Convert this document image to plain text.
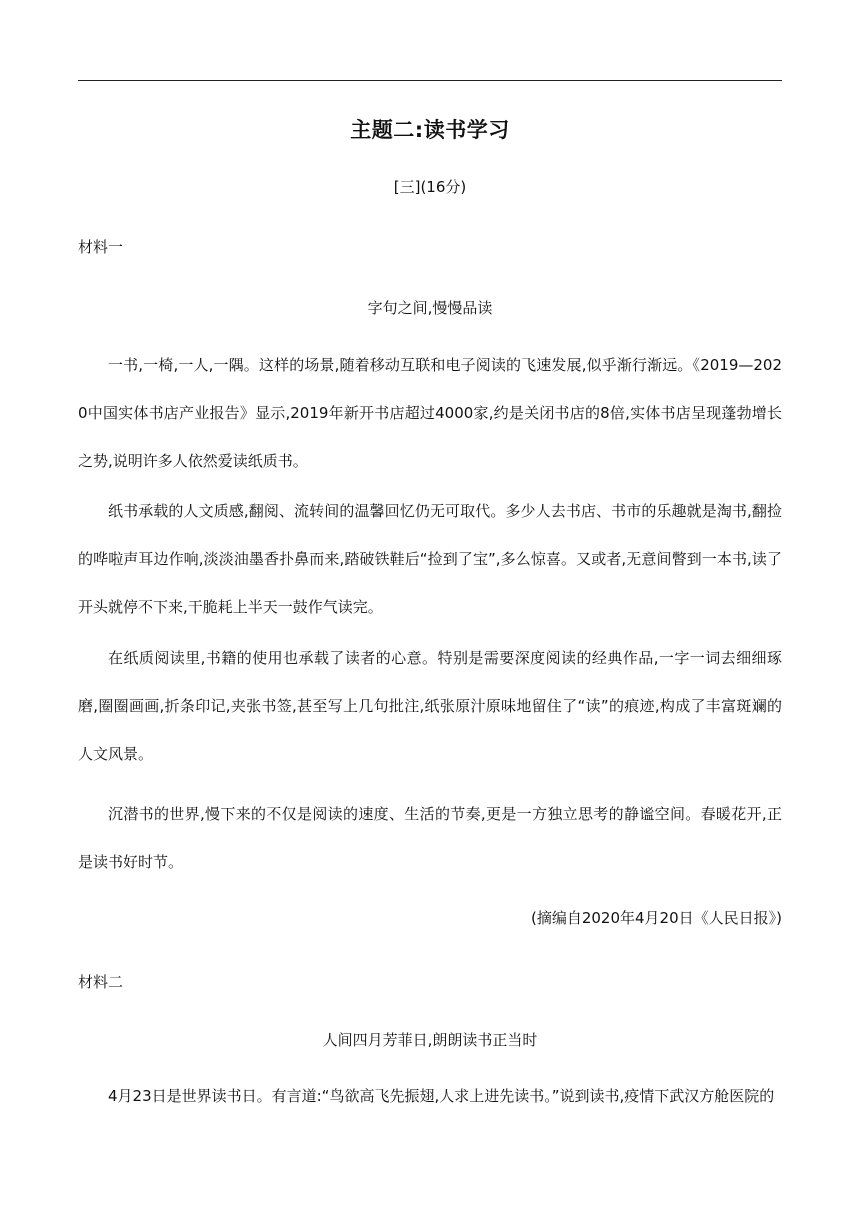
主题二:读书学习
[三](16分)
材料一
字句之间,慢慢品读
一书,一椅,一人,一隅。这样的场景,随着移动互联和电子阅读的飞速发展,似乎渐行渐远。《2019—2020中国实体书店产业报告》显示,2019年新开书店超过4000家,约是关闭书店的8倍,实体书店呈现蓬勃增长之势,说明许多人依然爱读纸质书。
纸书承载的人文质感,翻阅、流转间的温馨回忆仍无可取代。多少人去书店、书市的乐趣就是淘书,翻捡的哗啦声耳边作响,淡淡油墨香扑鼻而来,踏破铁鞋后“捡到了宝”,多么惊喜。又或者,无意间瞥到一本书,读了开头就停不下来,干脆耗上半天一鼓作气读完。
在纸质阅读里,书籍的使用也承载了读者的心意。特别是需要深度阅读的经典作品,一字一词去细细琢磨,圈圈画画,折条印记,夹张书签,甚至写上几句批注,纸张原汁原味地留住了“读”的痕迹,构成了丰富斑斓的人文风景。
沉潜书的世界,慢下来的不仅是阅读的速度、生活的节奏,更是一方独立思考的静谧空间。春暖花开,正是读书好时节。
(摘编自2020年4月20日《人民日报》)
材料二
人间四月芳菲日,朗朗读书正当时
4月23日是世界读书日。有言道:“鸟欲高飞先振翅,人求上进先读书。”说到读书,疫情下武汉方舱医院的
